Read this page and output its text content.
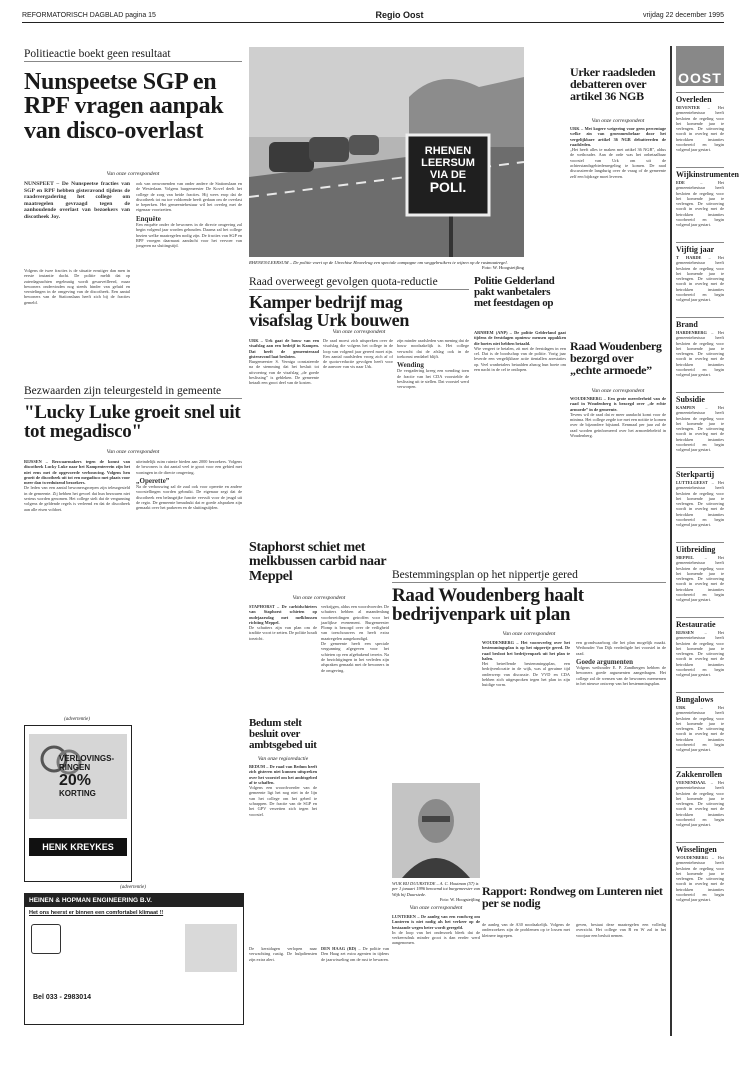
REFORMATORISCH DAGBLAD pagina 15	Regio Oost	vrijdag 22 december 1995
Politieactie boekt geen resultaat
Nunspeetse SGP en RPF vragen aanpak van disco-overlast
Van onze correspondent
NUNSPEET – De Nunspeetse fracties van SGP en RPF hebben gisteravond tijdens de raadsvergadering het college om maatregelen gevraagd tegen de aanhoudende overlast van bezoekers van discotheek Joy.

Volgens de twee fracties is de situatie ernstiger dan men in eerste instantie dacht. De politie meldt dat op zaterdagnachten regelmatig wordt gesurveilleerd, maar bewoners ondervinden nog steeds hinder van geluid en vernielingen in de omgeving van de discotheek. Een aantal bewoners van de Stationslaan heeft zich bij de fracties gemeld.

ook van omwonenden van onder andere de Stationslaan en de Westerlaan. Volgens burgemeester De Kovel deelt het college de zorg van beide fracties. Hij wees erop dat de discotheek tot nu toe voldoende heeft gedaan om de overlast te beperken. Het gemeentebestuur wil het overleg met de eigenaar voortzetten.

Enquête

Een enquête onder de bewoners in de directe omgeving zal begin volgend jaar worden gehouden. Daarna zal het college bezien welke maatregelen nodig zijn. De fracties van SGP en RPF vroegen daarnaast aandacht voor het vervoer van jongeren na sluitingstijd.

RHENEN
LEERSUM
VIA DE
POLI.
RHENEN/LEERSUM – De politie voert op de Utrechtse Heuvelrug een speciale campagne om weggebruikers te wijzen op de rustmaatregel.
Foto: W. Hoogsteijling
Bezwaarden zijn teleurgesteld in gemeente
"Lucky Luke groeit snel uit tot megadisco"
Van onze correspondent

RIJSSEN – Bezwaarmakers tegen de komst van discotheek Lucky Luke naar het Kampenterrein zijn het niet eens met de opgevoerde verbouwing. Volgens hen groeit de discotheek uit tot een megadisco met plaats voor meer dan tweeduizend bezoekers.

De leden van een aantal bewonersgroepen zijn teleurgesteld in de gemeente. Zij hebben het gevoel dat hun bezwaren niet serieus worden genomen. Het college stelt dat de vergunning volgens de geldende regels is verleend en dat de discotheek aan alle eisen voldoet.

uiteindelijk ruim ruimte bieden aan 2000 bezoekers. Volgens de bewoners is dat aantal veel te groot voor een gebied met woningen in de directe omgeving.

„Operette”

Na de verbouwing zal de zaal ook voor operette en andere voorstellingen worden gebruikt. De eigenaar zegt dat de discotheek een belangrijke functie vervult voor de jeugd uit de regio. De gemeente benadrukt dat er goede afspraken zijn gemaakt over het parkeren en de sluitingstijden.

(advertentie)
VERLOVINGS-
RINGEN
20%
KORTING
HENK KREYKES
(advertentie)
HEINEN & HOPMAN ENGINEERING B.V.
Het ons heerst er binnen een comfortabel klimaat !!
Bel 033 - 2983014
Raad overweegt gevolgen quota-reductie
Kamper bedrijf mag visafslag Urk bouwen
Van onze correspondent

URK – Urk gaat de bouw van een visafslag aan een bedrijf in Kampen. Dat heeft de gemeenteraad gisteravond laat besloten.

Burgemeester S. Verniga constateerde na de stemming dat het besluit tot uitvoering van de visafslag „de goede beslissing” is gebleken. De gemeente betaalt een groot deel van de kosten.

De raad moest zich uitspreken over de visafslag die volgens het college in de loop van volgend jaar gereed moet zijn. Een aantal raadsleden vroeg zich af of de quota-reductie gevolgen heeft voor de aanvoer van vis naar Urk.

zijn minder raadsleden van mening dat de bouw noodzakelijk is. Het college verwacht dat de afslag ook in de toekomst rendabel blijft.

Wending

De vergadering kreeg een wending toen de fractie van het CDA voorstelde de beslissing uit te stellen. Dat voorstel werd verworpen.

Politie Gelderland pakt wanbetalers met feestdagen op

ARNHEM (ANP) – De politie Gelderland gaat tijdens de feestdagen opnieuw mensen oppakken die boetes niet hebben betaald.

Wie vergeet te betalen, zit met de feestdagen in een cel. Dat is de boodschap van de politie. Vorig jaar leverde een vergelijkbare actie tientallen arrestaties op. Veel wanbetalers betaalden alsnog hun boete om een nacht in de cel te ontlopen.

Urker raadsleden debatteren over artikel 36 NGB
Van onze correspondent

URK – Met kogere weigering voor geen percentage welke zin van groenmeubelaar door het vergelijkbare artikel 36 NGB debatteerden de raadsleden.

„Het heeft alles te maken met artikel 36 NGB”, aldus de wethouder. Aan de orde was het onbetaalbaar voorstel van Urk om uit de achterstandsgebiedenregeling te komen. De raad discussieerde langdurig over de vraag of de gemeente zelf een bijdrage moet leveren.

Raad Woudenberg bezorgd over „echte armoede”
Van onze correspondent

WOUDENBERG – Een grote meerderheid van de raad in Woudenberg is bezorgd over „de echte armoede” in de gemeente.

Tevens wil de raad dat er meer aandacht komt voor de minima. Het college zegde toe met een notitie te komen over de bijzondere bijstand. Eenmaal per jaar zal de raad worden geïnformeerd over het armoedebeleid in Woudenberg.

Staphorst schiet met melkbussen carbid naar Meppel
Van onze correspondent

STAPHORST – De carbidschieters van Staphorst schieten op oudejaarsdag met melkbussen richting Meppel.

De schutters zijn van plan om de traditie voort te zetten. De politie houdt toezicht.

verkrijgen, aldus een woordvoerder. De schutters hebben al maandenlang voorbereidingen getroffen voor het jaarlijkse evenement. Burgemeester Plomp is bezorgd over de veiligheid van toeschouwers en heeft extra maatregelen aangekondigd.

De gemeente heeft een speciale vergunning afgegeven voor het schieten op een afgebakend terrein. Na de bezichtigingen in het verleden zijn afspraken gemaakt met de bewoners in de omgeving.

Bedum stelt besluit over ambtsgebed uit
Van onze regioredactie

BEDUM – De raad van Bedum heeft zich gisteren niet kunnen uitspreken over het voorstel om het ambtsgebed af te schaffen.

Volgens een woordvoerder van de gemeente ligt het nog niet in de lijn van het college om het gebed te schrappen. De fractie van de SGP en het GPV verzetten zich tegen het voorstel.

Bestemmingsplan op het nippertje gered
Raad Woudenberg haalt bedrijvenpark uit plan
Van onze correspondent

WOUDENBERG – Het vooroverleg over het bestemmingsplan is op het nippertje gered. De raad besloot het bedrijvenpark uit het plan te halen.

Het betreffende bestemmingsplan, een bedrijvenlocatie in de wijk, was al geruime tijd onderwerp van discussie. De VVD en CDA hebben zich uitgesproken tegen het plan in zijn huidige vorm.

een grondwaarborg die het plan mogelijk maakt. Wethouder Van Dijk verdedigde het voorstel in de raad.

Goede argumenten

Volgens wethouder E. P. Zandbergen hebben de bewoners goede argumenten aangedragen. Het college zal de wensen van de bewoners meenemen in het nieuwe ontwerp van het bestemmingsplan.

WUK BIJ DUURSTEDE – A. C. Houtman (57) is per 1 januari 1996 benoemd tot burgemeester van Wijk bij Duurstede.
Foto: W. Hoogsteijling

DEN HAAG (RD) – De politie van Den Haag zet extra agenten in tijdens de jaarwisseling om de rust te bewaren.

De kerstdagen verlopen naar verwachting rustig. De hulpdiensten zijn extra alert.

Van onze correspondent

LUNTEREN – De aanleg van een rondweg om Lunteren is niet nodig als het verkeer op de bestaande wegen beter wordt geregeld.

In de loop van het onderzoek bleek dat de verkeersdruk minder groot is dan eerder werd aangenomen.

Rapport: Rondweg om Lunteren niet per se nodig

de aanleg van de A30 noodzakelijk. Volgens de onderzoekers zijn de problemen op te lossen met kleinere ingrepen.

geven, bestaat deze maatregelen een volledig overzicht. Het college van B en W zal in het voorjaar een besluit nemen.

OOST
Overleden
DEVENTER – Het gemeentebestuur heeft besloten de regeling voor het komende jaar te verlengen. De uitvoering wordt in overleg met de betrokken instanties voorbereid en begin volgend jaar gestart.
Wijkinstrumenten
EDE – Het gemeentebestuur heeft besloten de regeling voor het komende jaar te verlengen. De uitvoering wordt in overleg met de betrokken instanties voorbereid en begin volgend jaar gestart.
Vijftig jaar
T HARDE – Het gemeentebestuur heeft besloten de regeling voor het komende jaar te verlengen. De uitvoering wordt in overleg met de betrokken instanties voorbereid en begin volgend jaar gestart.
Brand
HARDENBERG – Het gemeentebestuur heeft besloten de regeling voor het komende jaar te verlengen. De uitvoering wordt in overleg met de betrokken instanties voorbereid en begin volgend jaar gestart.
Subsidie
KAMPEN – Het gemeentebestuur heeft besloten de regeling voor het komende jaar te verlengen. De uitvoering wordt in overleg met de betrokken instanties voorbereid en begin volgend jaar gestart.
Sterkpartij
LUTTELGEEST – Het gemeentebestuur heeft besloten de regeling voor het komende jaar te verlengen. De uitvoering wordt in overleg met de betrokken instanties voorbereid en begin volgend jaar gestart.
Uitbreiding
MEPPEL – Het gemeentebestuur heeft besloten de regeling voor het komende jaar te verlengen. De uitvoering wordt in overleg met de betrokken instanties voorbereid en begin volgend jaar gestart.
Restauratie
RIJSSEN – Het gemeentebestuur heeft besloten de regeling voor het komende jaar te verlengen. De uitvoering wordt in overleg met de betrokken instanties voorbereid en begin volgend jaar gestart.
Bungalows
URK – Het gemeentebestuur heeft besloten de regeling voor het komende jaar te verlengen. De uitvoering wordt in overleg met de betrokken instanties voorbereid en begin volgend jaar gestart.
Zakkenrollen
VEENENDAAL – Het gemeentebestuur heeft besloten de regeling voor het komende jaar te verlengen. De uitvoering wordt in overleg met de betrokken instanties voorbereid en begin volgend jaar gestart.
Wisselingen
WOUDENBERG – Het gemeentebestuur heeft besloten de regeling voor het komende jaar te verlengen. De uitvoering wordt in overleg met de betrokken instanties voorbereid en begin volgend jaar gestart.
